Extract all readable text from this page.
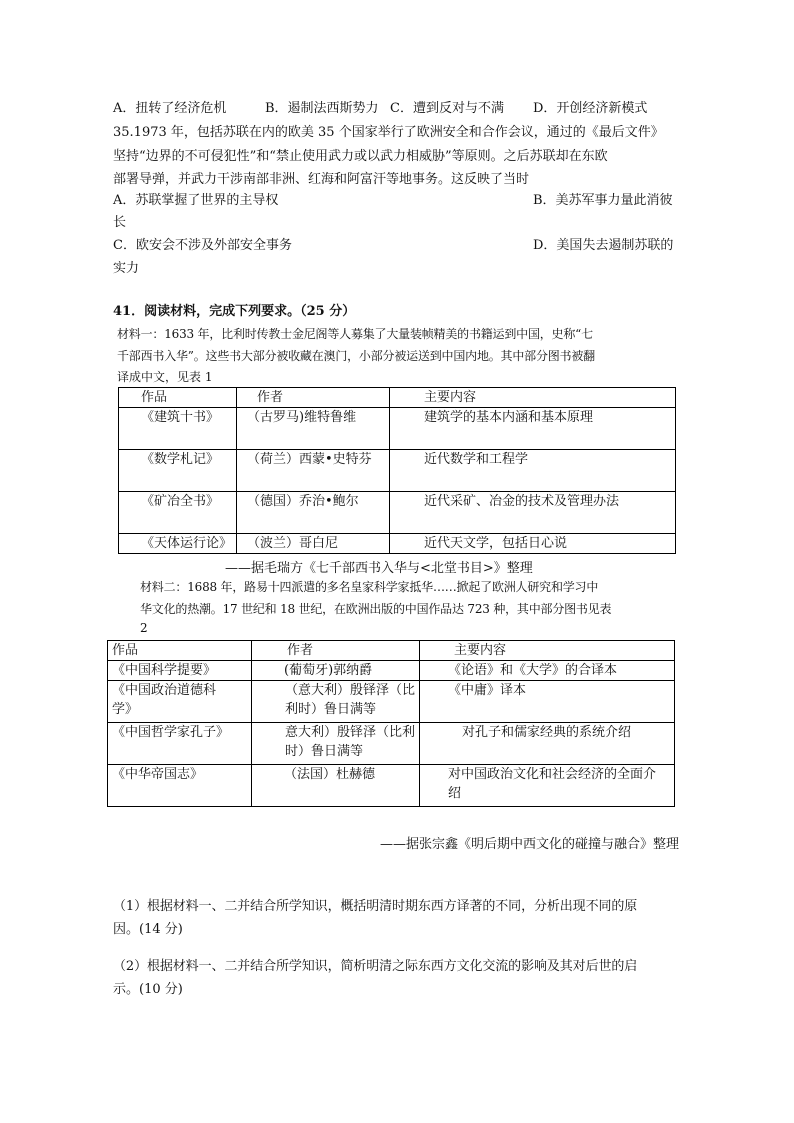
A．扭转了经济危机	B．遏制法西斯势力 C．遭到反对与不满 D．开创经济新模式
35.1973 年，包括苏联在内的欧美 35 个国家举行了欧洲安全和合作会议，通过的《最后文件》
坚持“边界的不可侵犯性”和“禁止使用武力或以武力相威胁”等原则。之后苏联却在东欧
部署导弹，并武力干涉南部非洲、红海和阿富汗等地事务。这反映了当时
A．苏联掌握了世界的主导权	B．美苏军事力量此消彼
长
C．欧安会不涉及外部安全事务	D．美国失去遏制苏联的
实力
41．阅读材料，完成下列要求。（25 分）
材料一：1633 年，比利时传教士金尼阁等人募集了大量装帧精美的书籍运到中国，史称“七
千部西书入华”。这些书大部分被收藏在澳门，小部分被运送到中国内地。其中部分图书被翻
译成中文，见表 1
作品	作者	主要内容
《建筑十书》	（古罗马)维特鲁维	建筑学的基本内涵和基本原理
《数学札记》	（荷兰）西蒙•史特芬	近代数学和工程学
《矿冶全书》	（德国）乔治•鲍尔	近代采矿、冶金的技术及管理办法
《天体运行论》	（波兰）哥白尼	近代天文学，包括日心说
——据毛瑞方《七千部西书入华与<北堂书目>》整理
材料二：1688 年，路易十四派遣的多名皇家科学家抵华……掀起了欧洲人研究和学习中
华文化的热潮。17 世纪和 18 世纪，在欧洲出版的中国作品达 723 种，其中部分图书见表
2
作品	作者	主要内容
《中国科学提要》	(葡萄牙)郭纳爵	《论语》和《大学》的合译本
《中国政治道德科学》	（意大利）殷铎泽（比利时）鲁日满等	《中庸》译本
《中国哲学家孔子》	意大利）殷铎泽（比利时）鲁日满等	对孔子和儒家经典的系统介绍
《中华帝国志》	（法国）杜赫德	对中国政治文化和社会经济的全面介绍
——据张宗鑫《明后期中西文化的碰撞与融合》整理
（1）根据材料一、二并结合所学知识，概括明清时期东西方译著的不同，分析出现不同的原
因。(14 分)
（2）根据材料一、二并结合所学知识，简析明清之际东西方文化交流的影响及其对后世的启
示。(10 分)
